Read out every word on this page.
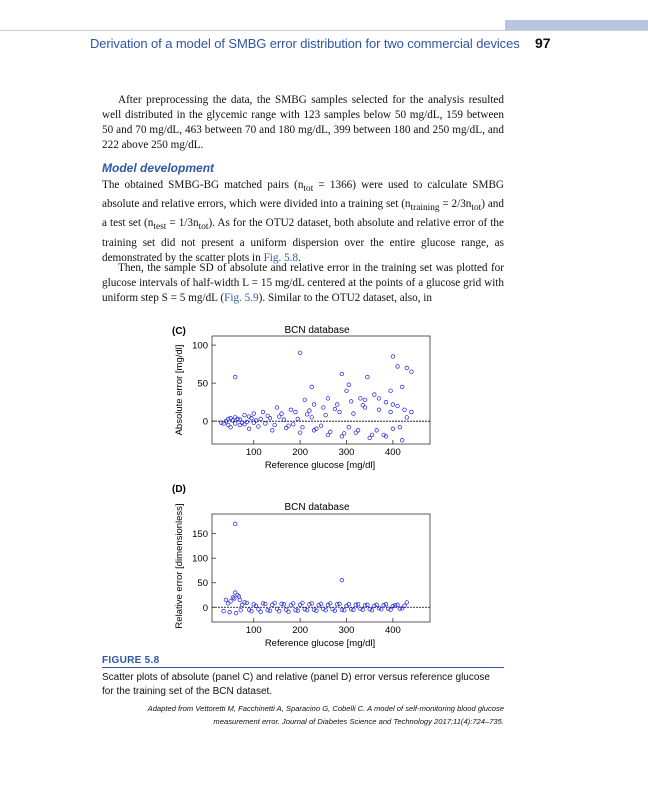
Derivation of a model of SMBG error distribution for two commercial devices 97

After preprocessing the data, the SMBG samples selected for the analysis resulted well distributed in the glycemic range with 123 samples below 50 mg/dL, 159 between 50 and 70 mg/dL, 463 between 70 and 180 mg/dL, 399 between 180 and 250 mg/dL, and 222 above 250 mg/dL.

Model development

The obtained SMBG-BG matched pairs $(n_{tot} = 1366)$ were used to calculate SMBG absolute and relative errors, which were divided into a training set $(n_{training} = 2/3n_{tot})$ and a test set $(n_{test} = 1/3n_{tot})$. As for the OTU2 dataset, both absolute and relative error of the training set did not present a uniform dispersion over the entire glucose range, as demonstrated by the scatter plots in Fig. 5.8.

Then, the sample SD of absolute and relative error in the training set was plotted for glucose intervals of half-width L = 15 mg/dL centered at the points of a glucose grid with uniform step S = 5 mg/dL (Fig. 5.9). Similar to the OTU2 dataset, also, in

(C)	BCN database
0
50
100
100	200	300	400
Reference glucose [mg/dl]
Absolute error [mg/dl]
(D)
BCN database
0
50
100
150
100	200	300	400
Reference glucose [mg/dl]
Relative error [dimensionless]
FIGURE 5.8

Scatter plots of absolute (panel C) and relative (panel D) error versus reference glucose for the training set of the BCN dataset.

Adapted from Vettoretti M, Facchinetti A, Sparacino G, Cobelli C. A model of self-monitoring blood glucose
measurement error. Journal of Diabetes Science and Technology 2017;11(4):724–735.
